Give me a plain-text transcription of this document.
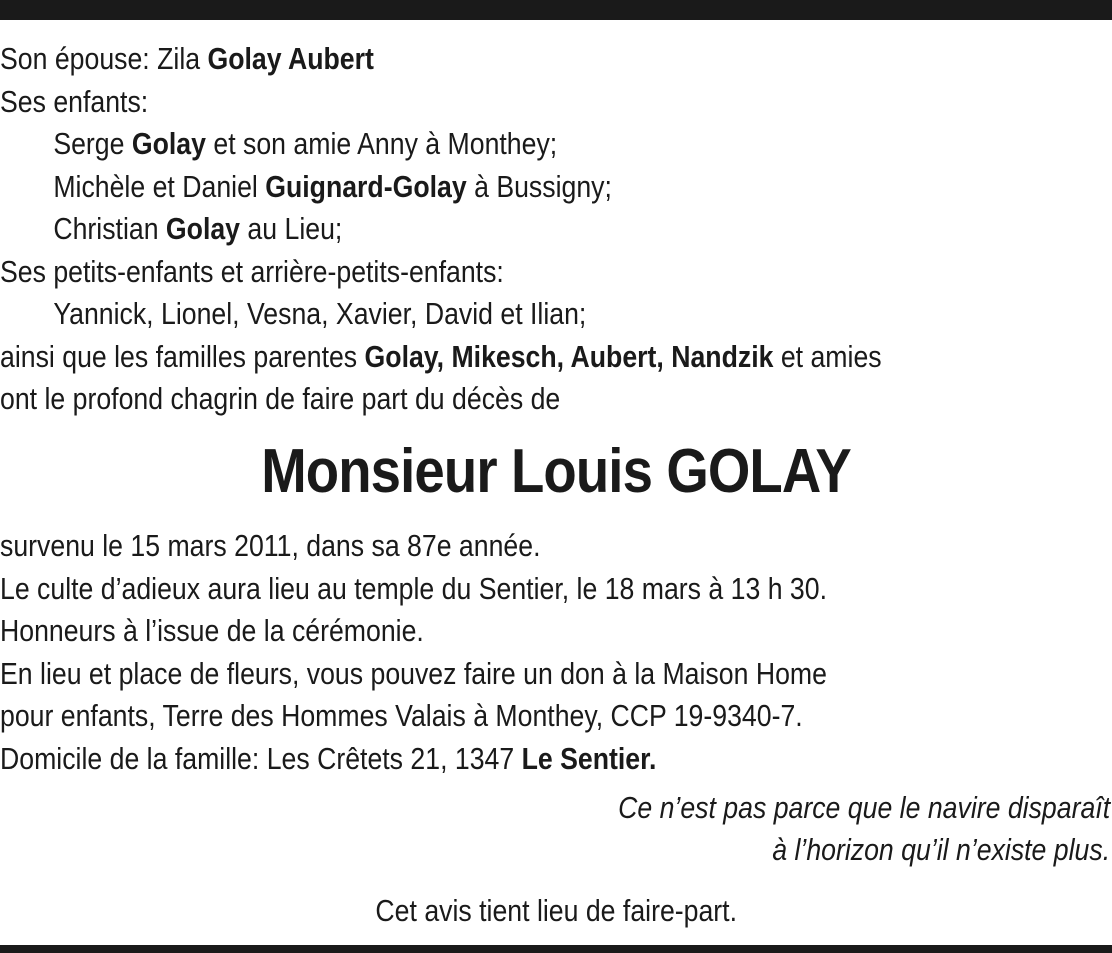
Son épouse: Zila Golay Aubert
Ses enfants:
Serge Golay et son amie Anny à Monthey;
Michèle et Daniel Guignard-Golay à Bussigny;
Christian Golay au Lieu;
Ses petits-enfants et arrière-petits-enfants:
Yannick, Lionel, Vesna, Xavier, David et Ilian;
ainsi que les familles parentes Golay, Mikesch, Aubert, Nandzik et amies
ont le profond chagrin de faire part du décès de
Monsieur Louis GOLAY
survenu le 15 mars 2011, dans sa 87e année.
Le culte d’adieux aura lieu au temple du Sentier, le 18 mars à 13 h 30.
Honneurs à l’issue de la cérémonie.
En lieu et place de fleurs, vous pouvez faire un don à la Maison Home
pour enfants, Terre des Hommes Valais à Monthey, CCP 19-9340-7.
Domicile de la famille: Les Crêtets 21, 1347 Le Sentier.
Ce n’est pas parce que le navire disparaît
à l’horizon qu’il n’existe plus.
Cet avis tient lieu de faire-part.
